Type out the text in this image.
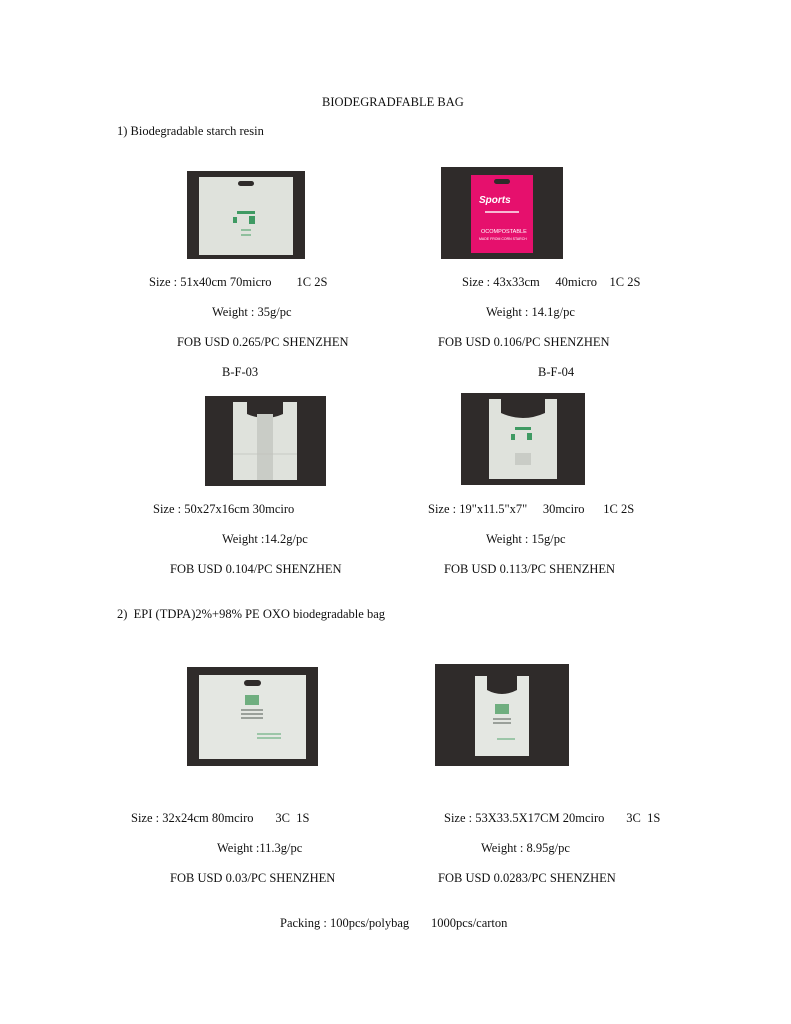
BIODEGRADFABLE BAG
1) Biodegradable starch resin
Sports
OCOMPOSTABLE
MADE FROM CORN STARCH
Size : 51x40cm 70micro        1C 2S	Size : 43x33cm     40micro    1C 2S
Weight : 35g/pc	Weight : 14.1g/pc
FOB USD 0.265/PC SHENZHEN	FOB USD 0.106/PC SHENZHEN
B-F-03	B-F-04
Size : 50x27x16cm 30mciro	Size : 19"x11.5"x7"     30mciro      1C 2S
Weight :14.2g/pc	Weight : 15g/pc
FOB USD 0.104/PC SHENZHEN	FOB USD 0.113/PC SHENZHEN
2)  EPI (TDPA)2%+98% PE OXO biodegradable bag
Size : 32x24cm 80mciro       3C  1S	Size : 53X33.5X17CM 20mciro       3C  1S
Weight :11.3g/pc	Weight : 8.95g/pc
FOB USD 0.03/PC SHENZHEN	FOB USD 0.0283/PC SHENZHEN
Packing : 100pcs/polybag       1000pcs/carton
